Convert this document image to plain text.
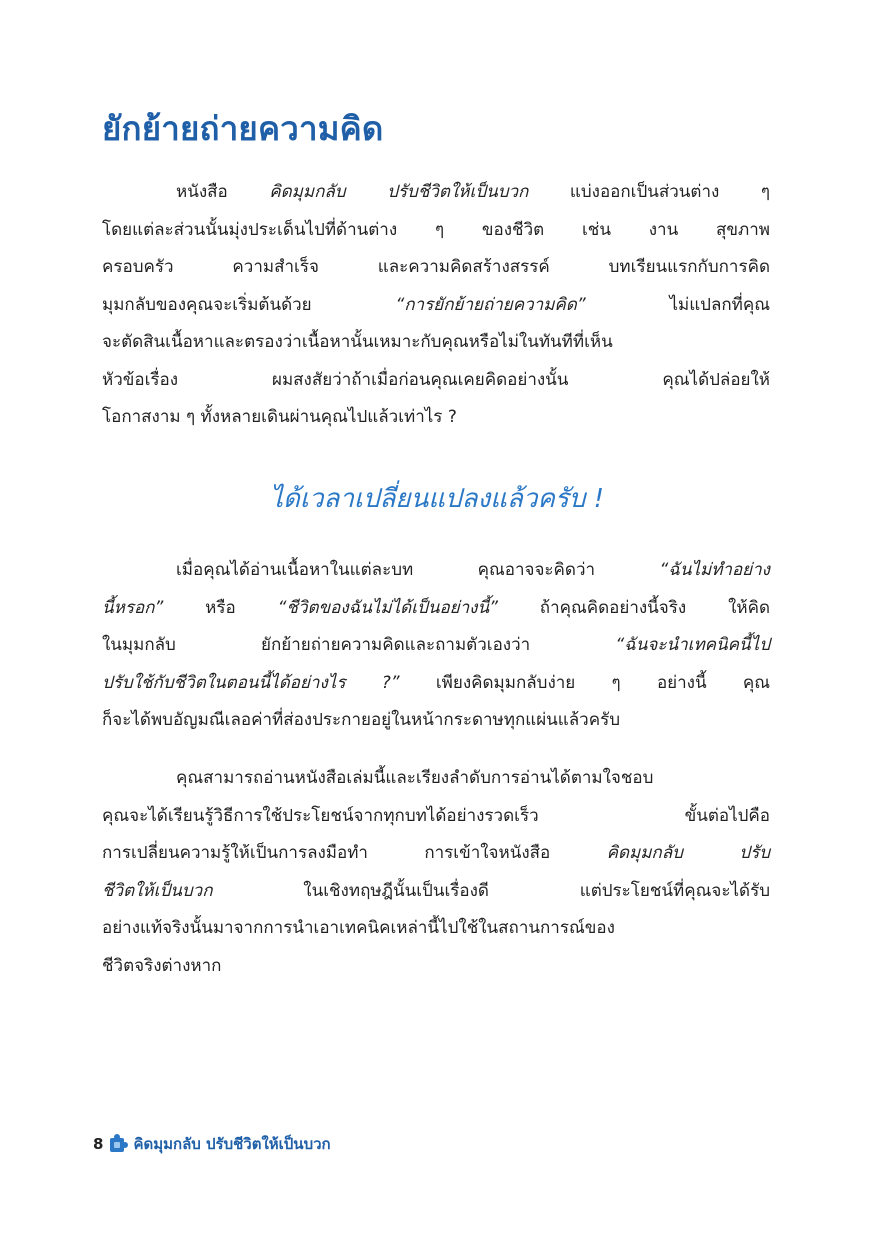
ยักย้ายถ่ายความคิด
หนังสือ คิดมุมกลับ ปรับชีวิตให้เป็นบวก แบ่งออกเป็นส่วนต่าง ๆ
โดยแต่ละส่วนนั้นมุ่งประเด็นไปที่ด้านต่าง ๆ ของชีวิต เช่น งาน สุขภาพ
ครอบครัว ความสำเร็จ และความคิดสร้างสรรค์ บทเรียนแรกกับการคิด
มุมกลับของคุณจะเริ่มต้นด้วย “การยักย้ายถ่ายความคิด” ไม่แปลกที่คุณ
จะตัดสินเนื้อหาและตรองว่าเนื้อหานั้นเหมาะกับคุณหรือไม่ในทันทีที่เห็น
หัวข้อเรื่อง ผมสงสัยว่าถ้าเมื่อก่อนคุณเคยคิดอย่างนั้น คุณได้ปล่อยให้
โอกาสงาม ๆ ทั้งหลายเดินผ่านคุณไปแล้วเท่าไร ?
ได้เวลาเปลี่ยนแปลงแล้วครับ !
เมื่อคุณได้อ่านเนื้อหาในแต่ละบท คุณอาจจะคิดว่า “ฉันไม่ทำอย่าง
นี้หรอก” หรือ “ชีวิตของฉันไม่ได้เป็นอย่างนี้” ถ้าคุณคิดอย่างนี้จริง ให้คิด
ในมุมกลับ ยักย้ายถ่ายความคิดและถามตัวเองว่า “ฉันจะนำเทคนิคนี้ไป
ปรับใช้กับชีวิตในตอนนี้ได้อย่างไร ?” เพียงคิดมุมกลับง่าย ๆ อย่างนี้ คุณ
ก็จะได้พบอัญมณีเลอค่าที่ส่องประกายอยู่ในหน้ากระดาษทุกแผ่นแล้วครับ
คุณสามารถอ่านหนังสือเล่มนี้และเรียงลำดับการอ่านได้ตามใจชอบ
คุณจะได้เรียนรู้วิธีการใช้ประโยชน์จากทุกบทได้อย่างรวดเร็ว ขั้นต่อไปคือ
การเปลี่ยนความรู้ให้เป็นการลงมือทำ การเข้าใจหนังสือ คิดมุมกลับ ปรับ
ชีวิตให้เป็นบวก ในเชิงทฤษฎีนั้นเป็นเรื่องดี แต่ประโยชน์ที่คุณจะได้รับ
อย่างแท้จริงนั้นมาจากการนำเอาเทคนิคเหล่านี้ไปใช้ในสถานการณ์ของ
ชีวิตจริงต่างหาก
8 คิดมุมกลับ ปรับชีวิตให้เป็นบวก
